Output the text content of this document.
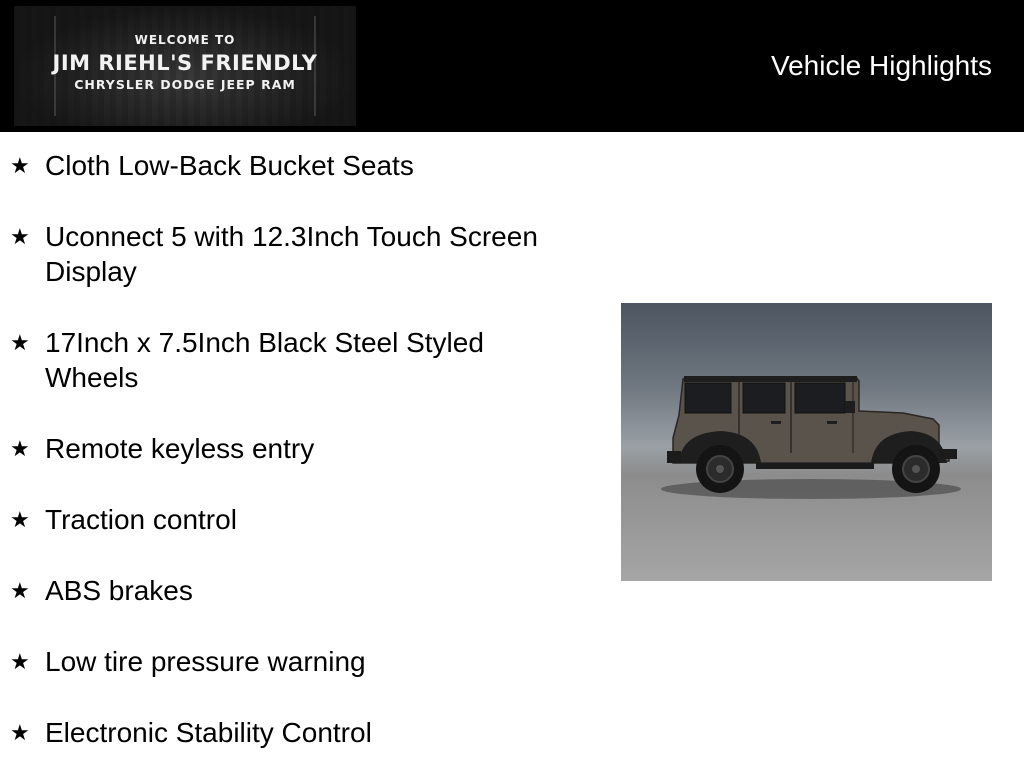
WELCOME TO
JIM RIEHL'S FRIENDLY
CHRYSLER DODGE JEEP RAM
Vehicle Highlights
★ Cloth Low-Back Bucket Seats
★ Uconnect 5 with 12.3Inch Touch Screen Display
★ 17Inch x 7.5Inch Black Steel Styled Wheels
★ Remote keyless entry
★ Traction control
★ ABS brakes
★ Low tire pressure warning
★ Electronic Stability Control
